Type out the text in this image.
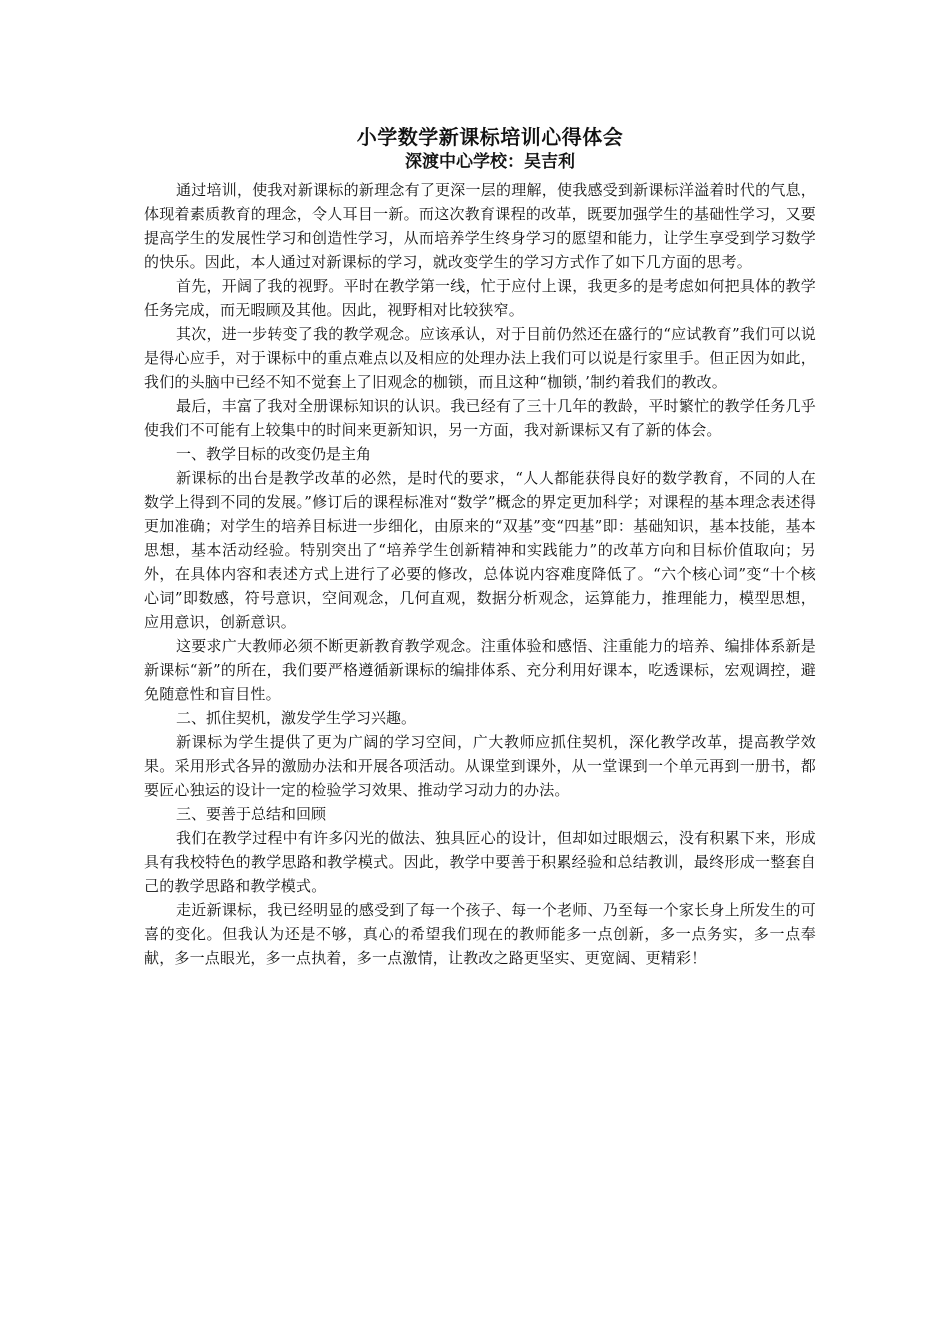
小学数学新课标培训心得体会
深渡中心学校：吴吉利

通过培训，使我对新课标的新理念有了更深一层的理解，使我感受到新课标洋溢着时代的气息，体现着素质教育的理念，令人耳目一新。而这次教育课程的改革，既要加强学生的基础性学习，又要提高学生的发展性学习和创造性学习，从而培养学生终身学习的愿望和能力，让学生享受到学习数学的快乐。因此，本人通过对新课标的学习，就改变学生的学习方式作了如下几方面的思考。

首先，开阔了我的视野。平时在教学第一线，忙于应付上课，我更多的是考虑如何把具体的教学任务完成，而无暇顾及其他。因此，视野相对比较狭窄。

其次，进一步转变了我的教学观念。应该承认，对于目前仍然还在盛行的“应试教育”我们可以说是得心应手，对于课标中的重点难点以及相应的处理办法上我们可以说是行家里手。但正因为如此，我们的头脑中已经不知不觉套上了旧观念的枷锁，而且这种“枷锁，’制约着我们的教改。

最后，丰富了我对全册课标知识的认识。我已经有了三十几年的教龄，平时繁忙的教学任务几乎使我们不可能有上较集中的时间来更新知识，另一方面，我对新课标又有了新的体会。

一、教学目标的改变仍是主角

新课标的出台是教学改革的必然，是时代的要求，“人人都能获得良好的数学教育，不同的人在数学上得到不同的发展。”修订后的课程标准对“数学”概念的界定更加科学；对课程的基本理念表述得更加准确；对学生的培养目标进一步细化，由原来的“双基”变“四基”即：基础知识，基本技能，基本思想，基本活动经验。特别突出了“培养学生创新精神和实践能力”的改革方向和目标价值取向；另外，在具体内容和表述方式上进行了必要的修改，总体说内容难度降低了。“六个核心词”变“十个核心词”即数感，符号意识，空间观念，几何直观，数据分析观念，运算能力，推理能力，模型思想，应用意识，创新意识。

这要求广大教师必须不断更新教育教学观念。注重体验和感悟、注重能力的培养、编排体系新是新课标“新”的所在，我们要严格遵循新课标的编排体系、充分利用好课本，吃透课标，宏观调控，避免随意性和盲目性。

二、抓住契机，激发学生学习兴趣。

新课标为学生提供了更为广阔的学习空间，广大教师应抓住契机，深化教学改革，提高教学效果。采用形式各异的激励办法和开展各项活动。从课堂到课外，从一堂课到一个单元再到一册书，都要匠心独运的设计一定的检验学习效果、推动学习动力的办法。

三、要善于总结和回顾

我们在教学过程中有许多闪光的做法、独具匠心的设计，但却如过眼烟云，没有积累下来，形成具有我校特色的教学思路和教学模式。因此，教学中要善于积累经验和总结教训，最终形成一整套自己的教学思路和教学模式。

走近新课标，我已经明显的感受到了每一个孩子、每一个老师、乃至每一个家长身上所发生的可喜的变化。但我认为还是不够，真心的希望我们现在的教师能多一点创新，多一点务实，多一点奉献，多一点眼光，多一点执着，多一点激情，让教改之路更坚实、更宽阔、更精彩！
